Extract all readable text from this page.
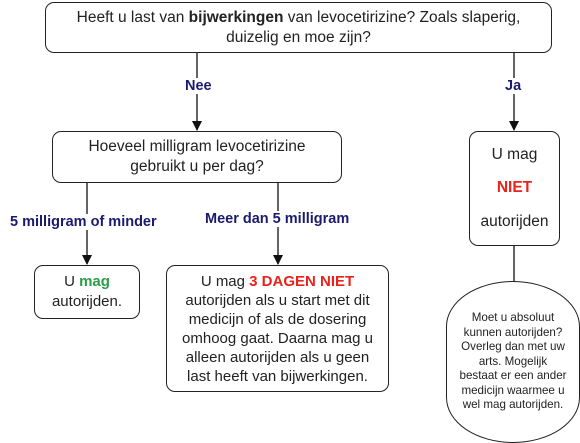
Heeft u last van bijwerkingen van levocetirizine? Zoals slaperig, duizelig en moe zijn?
Nee	Ja
Hoeveel milligram levocetirizine
gebruikt u per dag?
U mag
NIET
autorijden
5 milligram of minder	Meer dan 5 milligram
U mag
autorijden.
U mag 3 DAGEN NIET autorijden als u start met dit medicijn of als de dosering omhoog gaat. Daarna mag u alleen autorijden als u geen last heeft van bijwerkingen.
Moet u absoluut kunnen autorijden? Overleg dan met uw arts. Mogelijk bestaat er een ander medicijn waarmee u wel mag autorijden.
